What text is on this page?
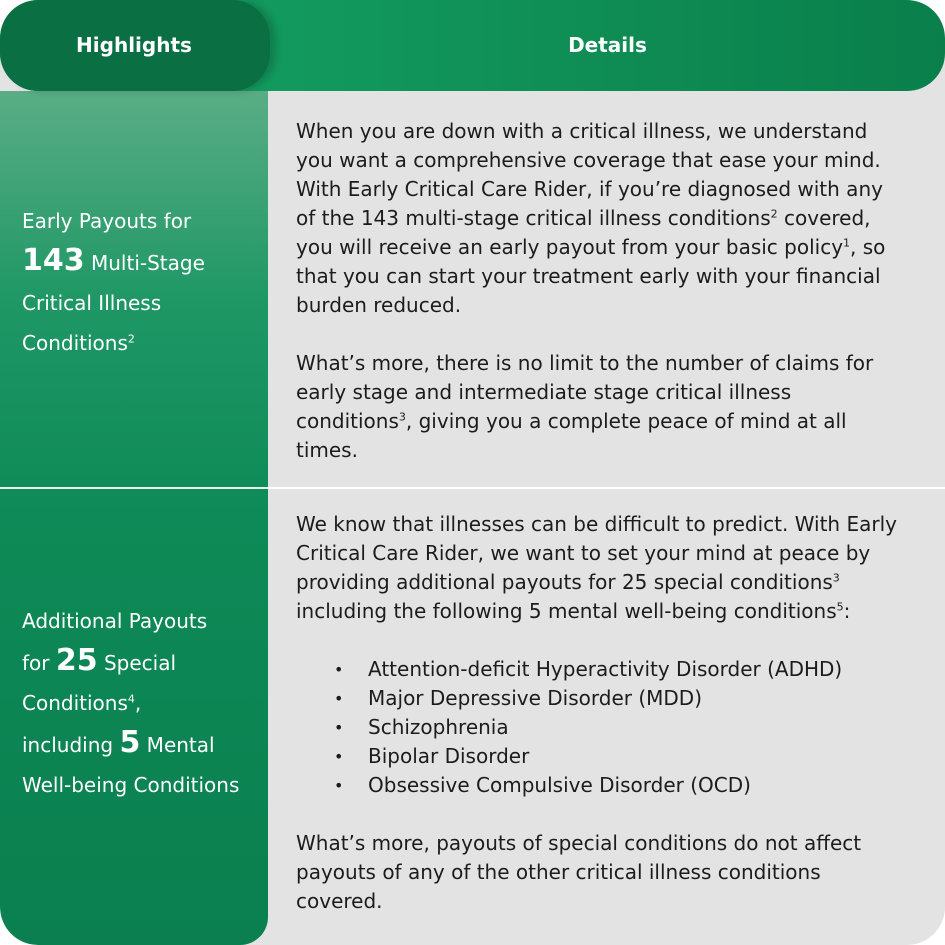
Highlights	Details
Early Payouts for
143 Multi-Stage
Critical Illness
Conditions$^2$

When you are down with a critical illness, we understand you want a comprehensive coverage that ease your mind. With Early Critical Care Rider, if you’re diagnosed with any of the 143 multi-stage critical illness conditions$^2$ covered, you will receive an early payout from your basic policy$^1$, so that you can start your treatment early with your financial burden reduced.

What’s more, there is no limit to the number of claims for early stage and intermediate stage critical illness conditions$^3$, giving you a complete peace of mind at all times.

Additional Payouts
for 25 Special
Conditions$^4$,
including 5 Mental
Well-being Conditions

We know that illnesses can be difficult to predict. With Early Critical Care Rider, we want to set your mind at peace by providing additional payouts for 25 special conditions$^3$ including the following 5 mental well-being conditions$^5$:

• Attention-deficit Hyperactivity Disorder (ADHD)
• Major Depressive Disorder (MDD)
• Schizophrenia
• Bipolar Disorder
• Obsessive Compulsive Disorder (OCD)

What’s more, payouts of special conditions do not affect payouts of any of the other critical illness conditions covered.
